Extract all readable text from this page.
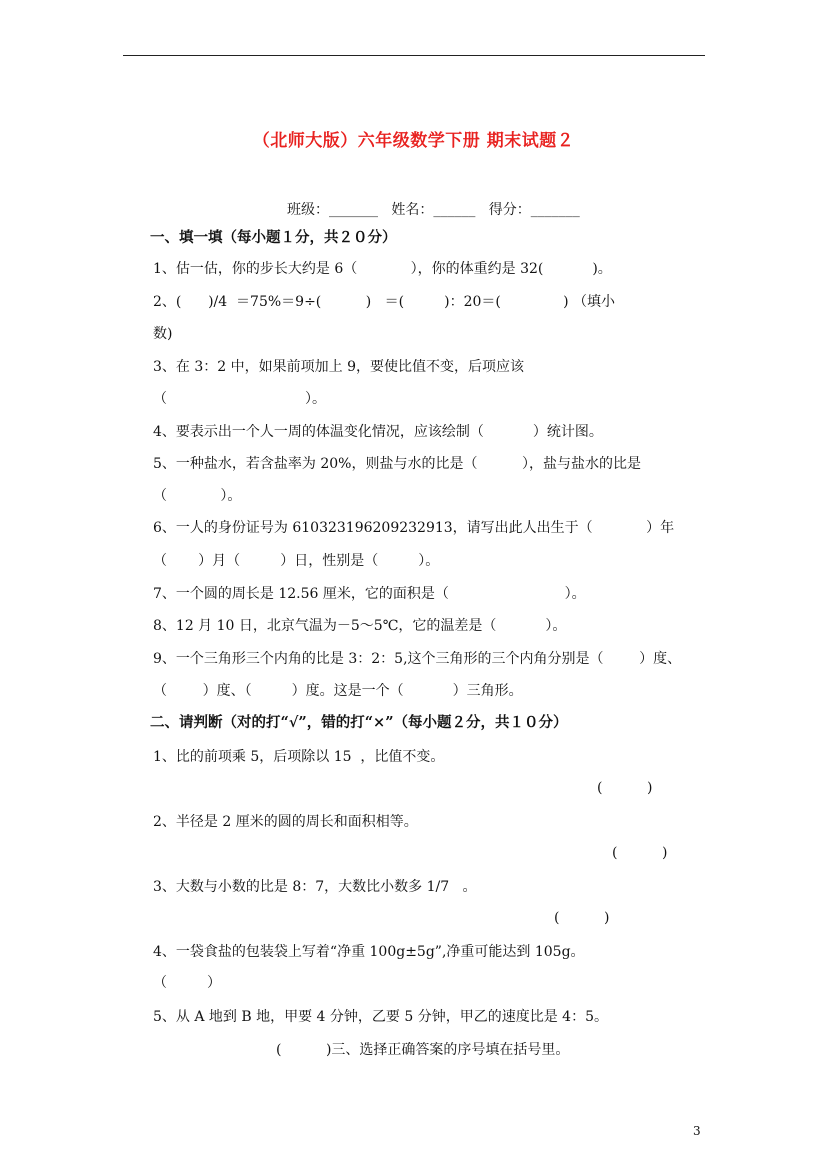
（北师大版）六年级数学下册 期末试题２
班级：_______   姓名：______   得分：_______
一、填一填（每小题１分，共２０分）
1、估一估，你的步长大约是 6（            ），你的体重约是 32(           )。
2、(      )/4  ＝75%＝9÷(          )   ＝(         )：20＝(              ) （填小
数)
3、在 3：2 中，如果前项加上 9，要使比值不变，后项应该
（                               ）。
4、要表示出一个人一周的体温变化情况，应该绘制（           ）统计图。
5、一种盐水，若含盐率为 20%，则盐与水的比是（          ），盐与盐水的比是
（            ）。
6、一人的身份证号为 610323196209232913，请写出此人出生于（            ）年
（       ）月（         ）日，性别是（         ）。
7、一个圆的周长是 12.56 厘米，它的面积是（                          ）。
8、12 月 10 日，北京气温为－5～5℃，它的温差是（           ）。
9、一个三角形三个内角的比是 3：2：5,这个三角形的三个内角分别是（        ）度、
（        ）度、（         ）度。这是一个（           ）三角形。
二、请判断（对的打“√”，错的打“×”（每小题２分，共１０分）
1、比的前项乘 5，后项除以 15  ，比值不变。
(          )
2、半径是 2 厘米的圆的周长和面积相等。
(          )
3、大数与小数的比是 8：7，大数比小数多 1/7   。
(          )
4、一袋食盐的包装袋上写着“净重 100g±5g”,净重可能达到 105g。
（         ）
5、从 A 地到 B 地，甲要 4 分钟，乙要 5 分钟，甲乙的速度比是 4：5。
(          )三、选择正确答案的序号填在括号里。
3
